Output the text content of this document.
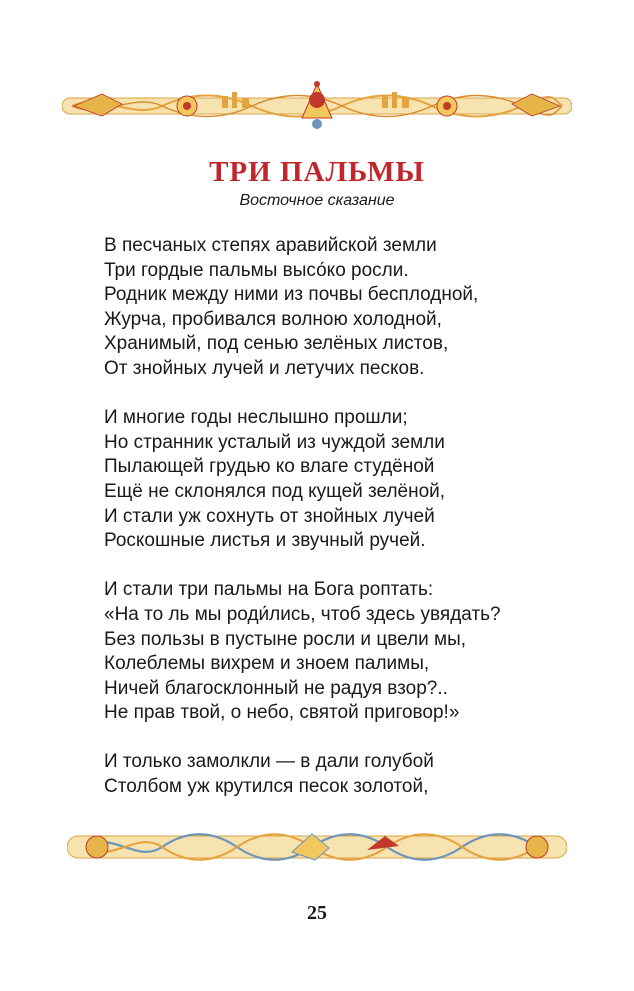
ТРИ ПАЛЬМЫ
Восточное сказание
В песчаных степях аравийской земли
Три гордые пальмы высо́ко росли.
Родник между ними из почвы бесплодной,
Журча, пробивался волною холодной,
Хранимый, под сенью зелёных листов,
От знойных лучей и летучих песков.
И многие годы неслышно прошли;
Но странник усталый из чуждой земли
Пылающей грудью ко влаге студёной
Ещё не склонялся под кущей зелёной,
И стали уж сохнуть от знойных лучей
Роскошные листья и звучный ручей.
И стали три пальмы на Бога роптать:
«На то ль мы роди́лись, чтоб здесь увядать?
Без пользы в пустыне росли и цвели мы,
Колеблемы вихрем и зноем палимы,
Ничей благосклонный не радуя взор?..
Не прав твой, о небо, святой приговор!»
И только замолкли — в дали голубой
Столбом уж крутился песок золотой,
25
